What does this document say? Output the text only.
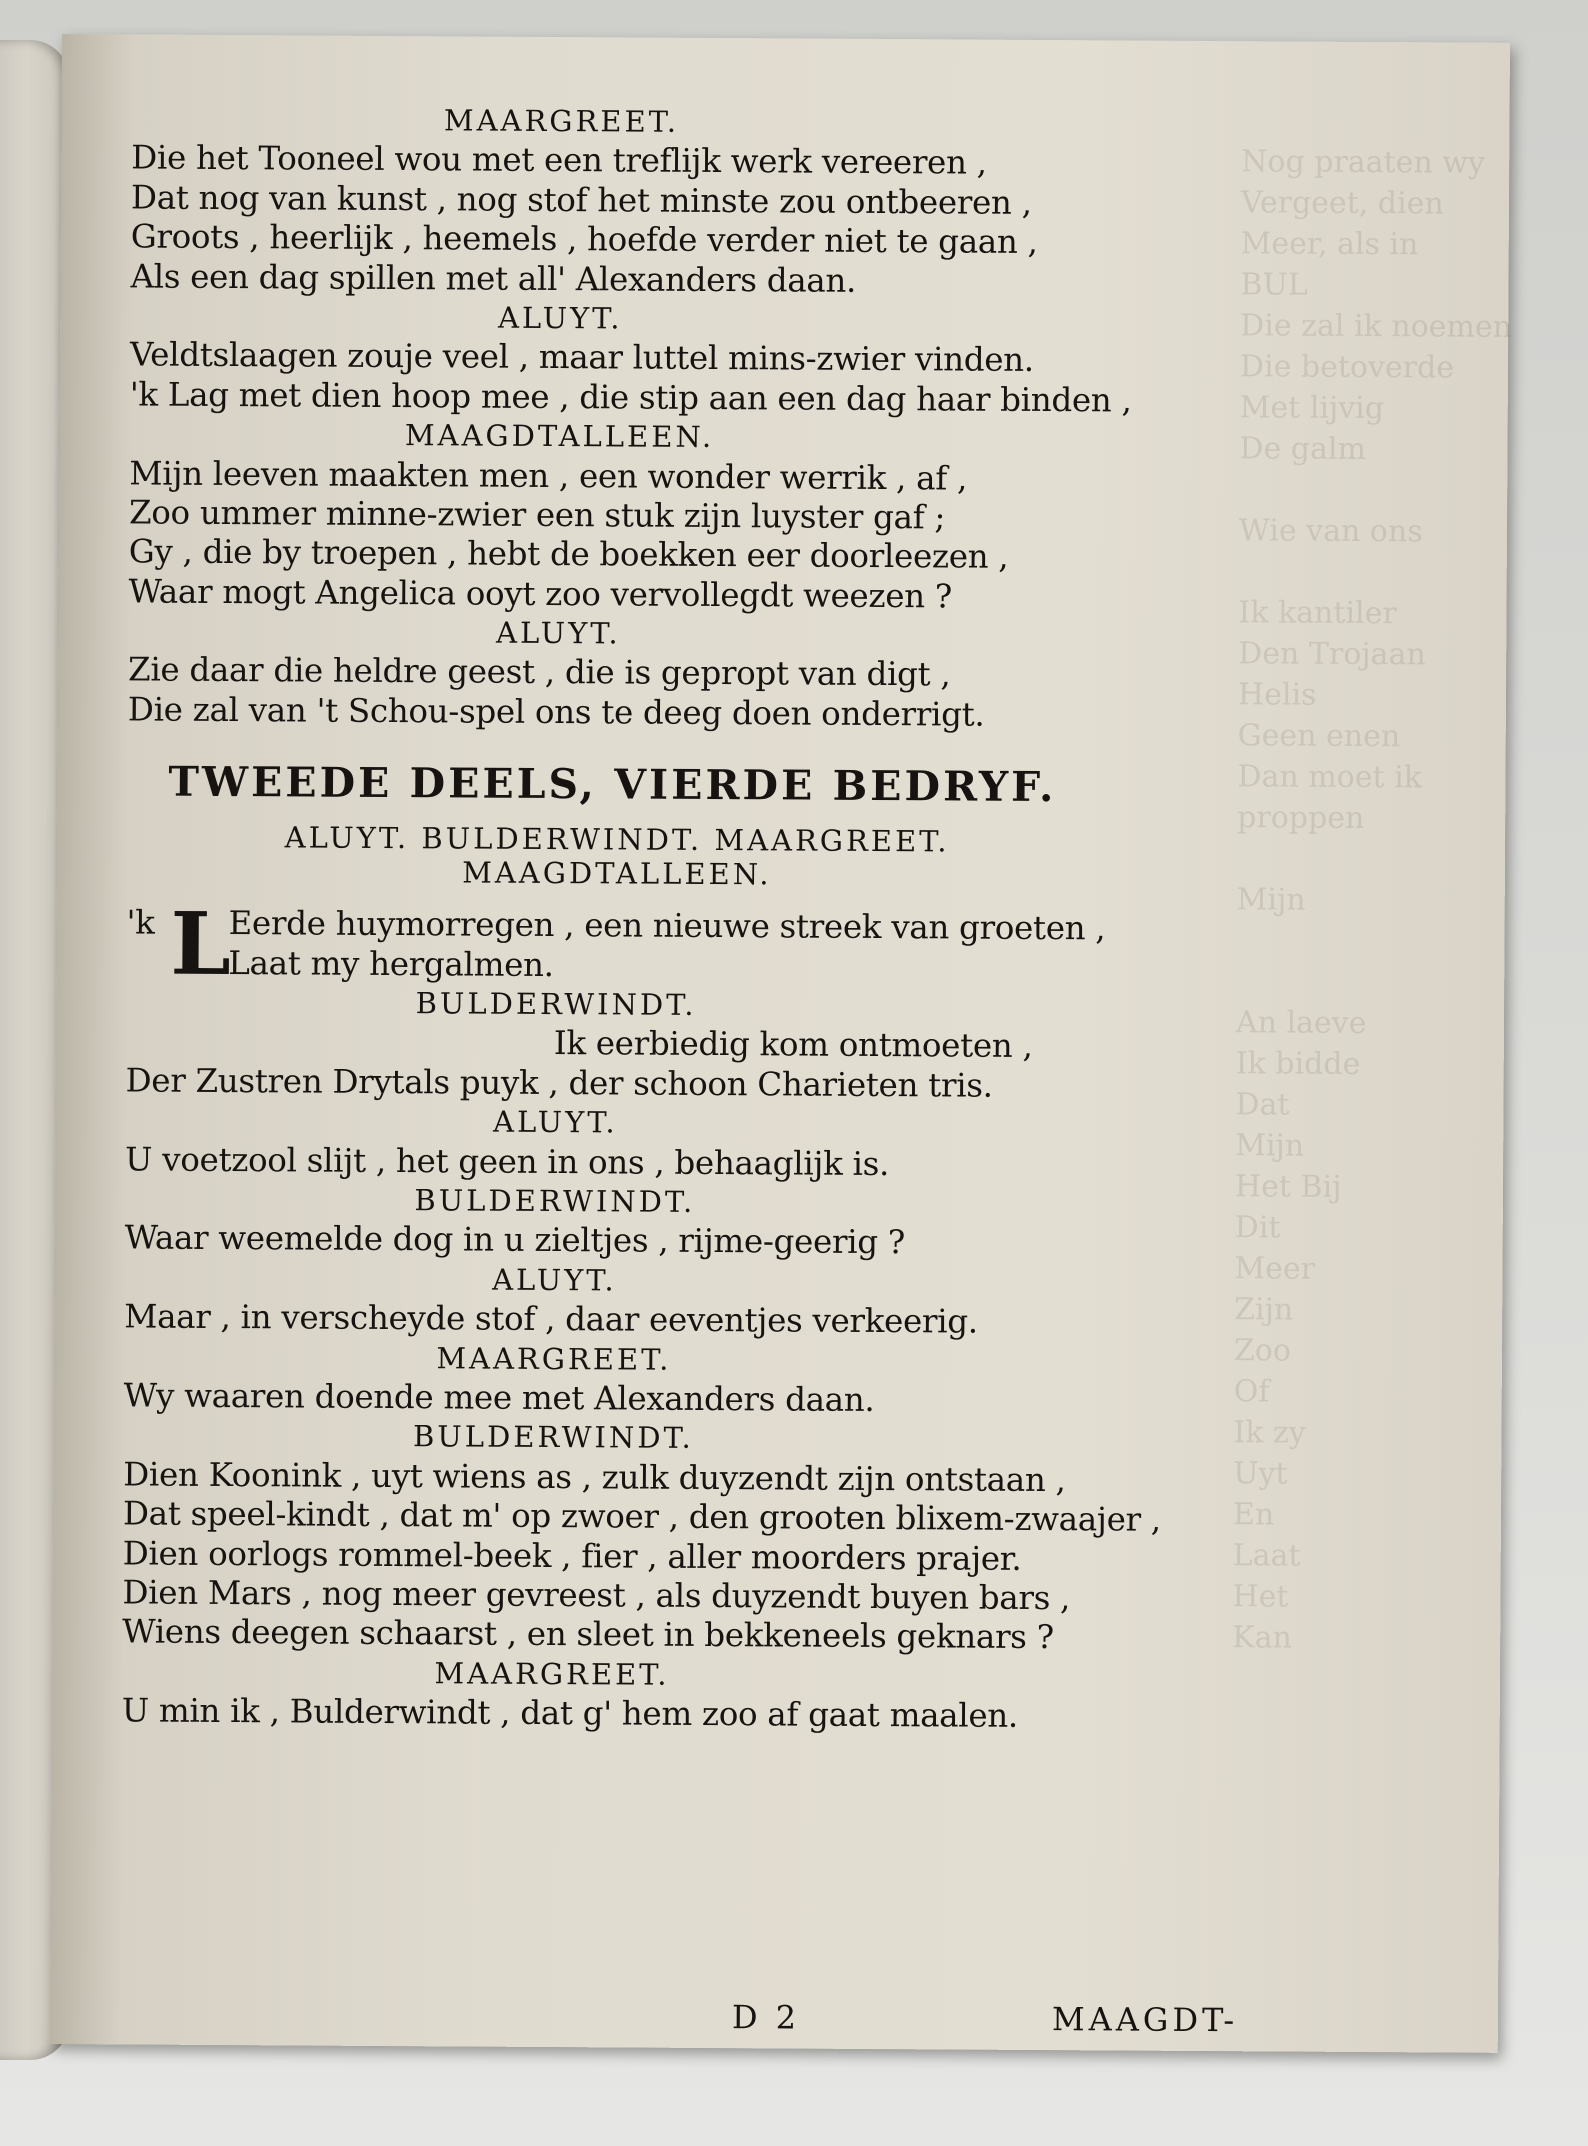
Nog praaten wy
Vergeet, dien
Meer, als in
BUL
Die zal ik noemen
Die betoverde
Met lijvig
De galm

Wie van ons

Ik kantiler
Den Trojaan
Helis
Geen enen
Dan moet ik
proppen

Mijn

An laeve
Ik bidde
Dat
Mijn
Het Bij
Dit
Meer
Zijn
Zoo
Of
Ik zy
Uyt
En
Laat
Het
Kan
MAARGREET.
Die het Tooneel wou met een treflijk werk vereeren ,
Dat nog van kunst , nog stof het minste zou ontbeeren ,
Groots , heerlijk , heemels , hoefde verder niet te gaan ,
Als een dag spillen met all' Alexanders daan.
ALUYT.
Veldtslaagen zouje veel , maar luttel mins-zwier vinden.
'k Lag met dien hoop mee , die stip aan een dag haar binden ,
MAAGDTALLEEN.
Mijn leeven maakten men , een wonder werrik , af ,
Zoo ummer minne-zwier een stuk zijn luyster gaf ;
Gy , die by troepen , hebt de boekken eer doorleezen ,
Waar mogt Angelica ooyt zoo vervollegdt weezen ?
ALUYT.
Zie daar die heldre geest , die is gepropt van digt ,
Die zal van 't Schou-spel ons te deeg doen onderrigt.
TWEEDE DEELS, VIERDE BEDRYF.
ALUYT. BULDERWINDT. MAARGREET.
MAAGDTALLEEN.
'k L
Eerde huymorregen , een nieuwe streek van groeten ,
Laat my hergalmen.
BULDERWINDT.
Ik eerbiedig kom ontmoeten ,
Der Zustren Drytals puyk , der schoon Charieten tris.
ALUYT.
U voetzool slijt , het geen in ons , behaaglijk is.
BULDERWINDT.
Waar weemelde dog in u zieltjes , rijme-geerig ?
ALUYT.
Maar , in verscheyde stof , daar eeventjes verkeerig.
MAARGREET.
Wy waaren doende mee met Alexanders daan.
BULDERWINDT.
Dien Koonink , uyt wiens as , zulk duyzendt zijn ontstaan ,
Dat speel-kindt , dat m' op zwoer , den grooten blixem-zwaajer ,
Dien oorlogs rommel-beek , fier , aller moorders prajer.
Dien Mars , nog meer gevreest , als duyzendt buyen bars ,
Wiens deegen schaarst , en sleet in bekkeneels geknars ?
MAARGREET.
U min ik , Bulderwindt , dat g' hem zoo af gaat maalen.
D 2	MAAGDT-
